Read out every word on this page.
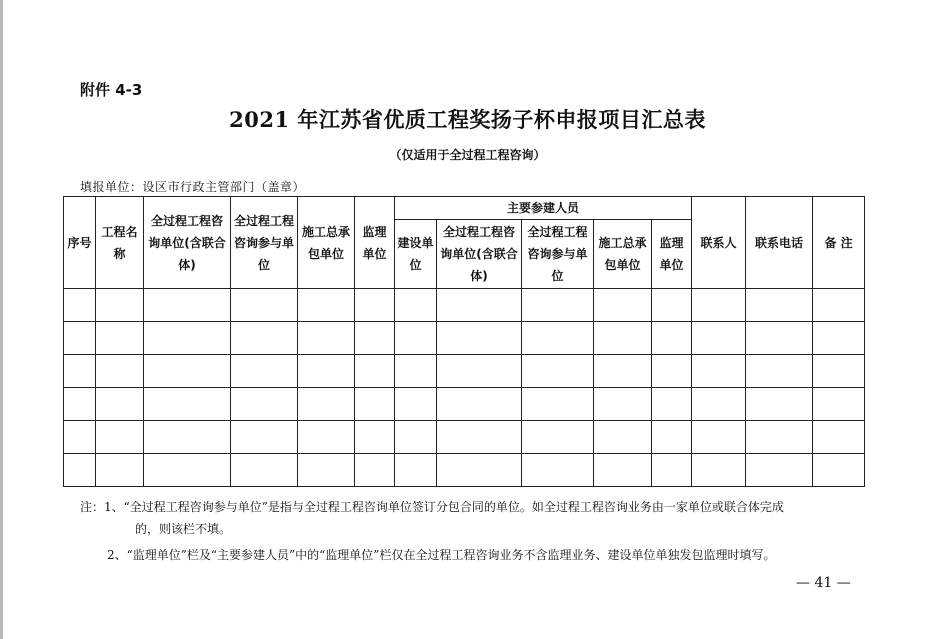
附件 4-3
2021 年江苏省优质工程奖扬子杯申报项目汇总表
（仅适用于全过程工程咨询）
填报单位：设区市行政主管部门（盖章）
序号	工程名称	全过程工程咨询单位(含联合体)	全过程工程咨询参与单位	施工总承包单位	监理单位	主要参建人员					联系人	联系电话	备 注
						建设单位	全过程工程咨询单位(含联合体)	全过程工程咨询参与单位	施工总承包单位	监理单位			

注：1、“全过程工程咨询参与单位”是指与全过程工程咨询单位签订分包合同的单位。如全过程工程咨询业务由一家单位或联合体完成
的，则该栏不填。
2、“监理单位”栏及“主要参建人员”中的“监理单位”栏仅在全过程工程咨询业务不含监理业务、建设单位单独发包监理时填写。
— 41 —
